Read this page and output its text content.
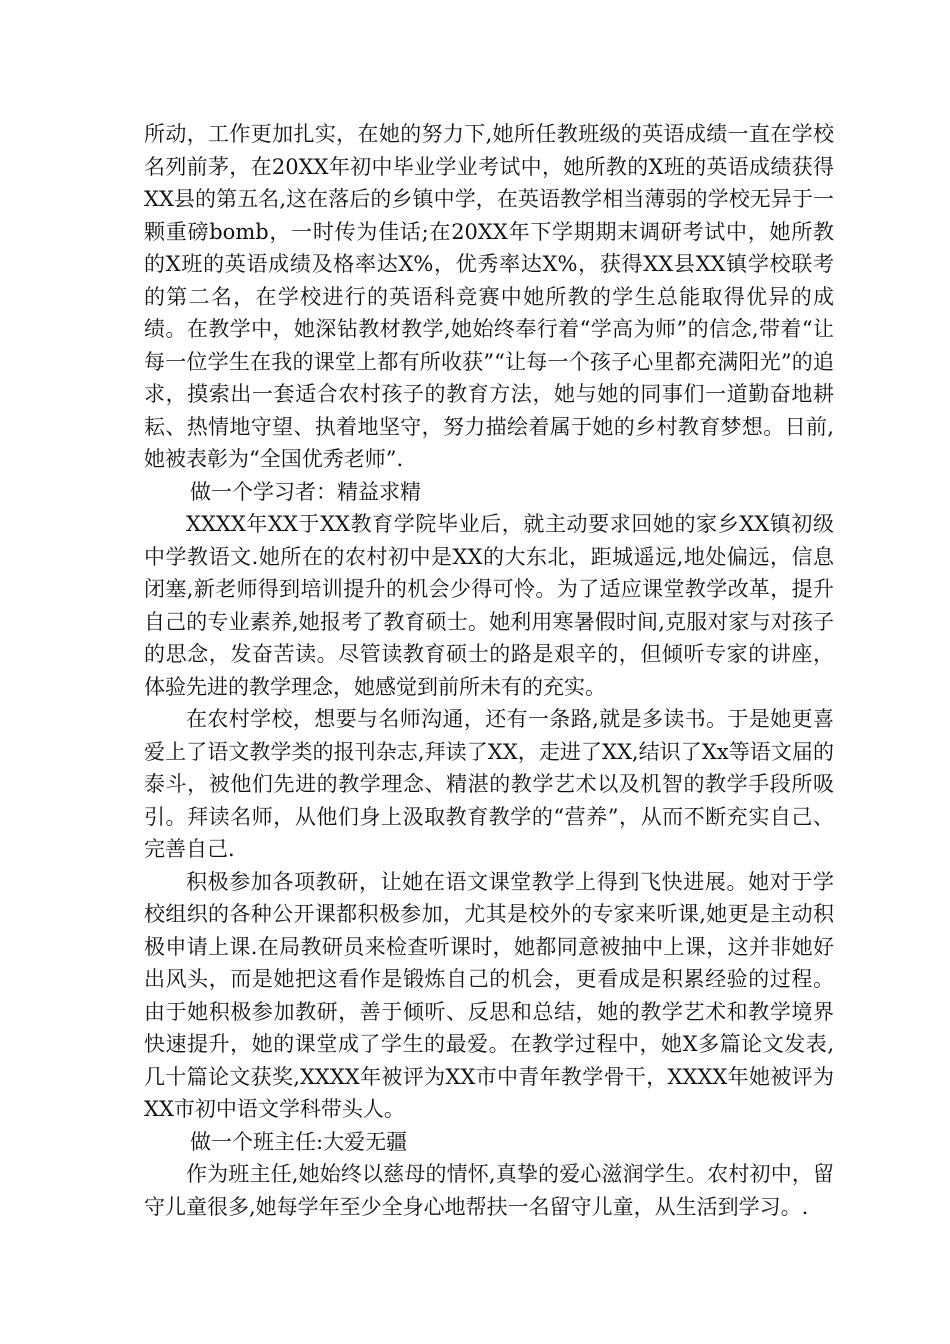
所动，工作更加扎实，在她的努力下,她所任教班级的英语成绩一直在学校名列前茅，在20XX年初中毕业学业考试中，她所教的X班的英语成绩获得XX县的第五名,这在落后的乡镇中学，在英语教学相当薄弱的学校无异于一颗重磅bomb，一时传为佳话;在20XX年下学期期末调研考试中，她所教的X班的英语成绩及格率达X%，优秀率达X%，获得XX县XX镇学校联考的第二名，在学校进行的英语科竞赛中她所教的学生总能取得优异的成绩。在教学中，她深钻教材教学,她始终奉行着“学高为师”的信念,带着“让每一位学生在我的课堂上都有所收获”“让每一个孩子心里都充满阳光”的追求，摸索出一套适合农村孩子的教育方法，她与她的同事们一道勤奋地耕耘、热情地守望、执着地坚守，努力描绘着属于她的乡村教育梦想。日前,她被表彰为“全国优秀老师”.

做一个学习者：精益求精

XXXX年XX于XX教育学院毕业后，就主动要求回她的家乡XX镇初级中学教语文.她所在的农村初中是XX的大东北，距城遥远,地处偏远，信息闭塞,新老师得到培训提升的机会少得可怜。为了适应课堂教学改革，提升自己的专业素养,她报考了教育硕士。她利用寒暑假时间,克服对家与对孩子的思念，发奋苦读。尽管读教育硕士的路是艰辛的，但倾听专家的讲座，体验先进的教学理念，她感觉到前所未有的充实。

在农村学校，想要与名师沟通，还有一条路,就是多读书。于是她更喜爱上了语文教学类的报刊杂志,拜读了XX，走进了XX,结识了Xx等语文届的泰斗，被他们先进的教学理念、精湛的教学艺术以及机智的教学手段所吸引。拜读名师，从他们身上汲取教育教学的“营养”，从而不断充实自己、完善自己.

积极参加各项教研，让她在语文课堂教学上得到飞快进展。她对于学校组织的各种公开课都积极参加，尤其是校外的专家来听课,她更是主动积极申请上课.在局教研员来检查听课时，她都同意被抽中上课，这并非她好出风头，而是她把这看作是锻炼自己的机会，更看成是积累经验的过程。由于她积极参加教研，善于倾听、反思和总结，她的教学艺术和教学境界快速提升，她的课堂成了学生的最爱。在教学过程中，她X多篇论文发表,几十篇论文获奖,XXXX年被评为XX市中青年教学骨干，XXXX年她被评为XX市初中语文学科带头人。

做一个班主任:大爱无疆

作为班主任,她始终以慈母的情怀,真挚的爱心滋润学生。农村初中，留守儿童很多,她每学年至少全身心地帮扶一名留守儿童，从生活到学习。.
